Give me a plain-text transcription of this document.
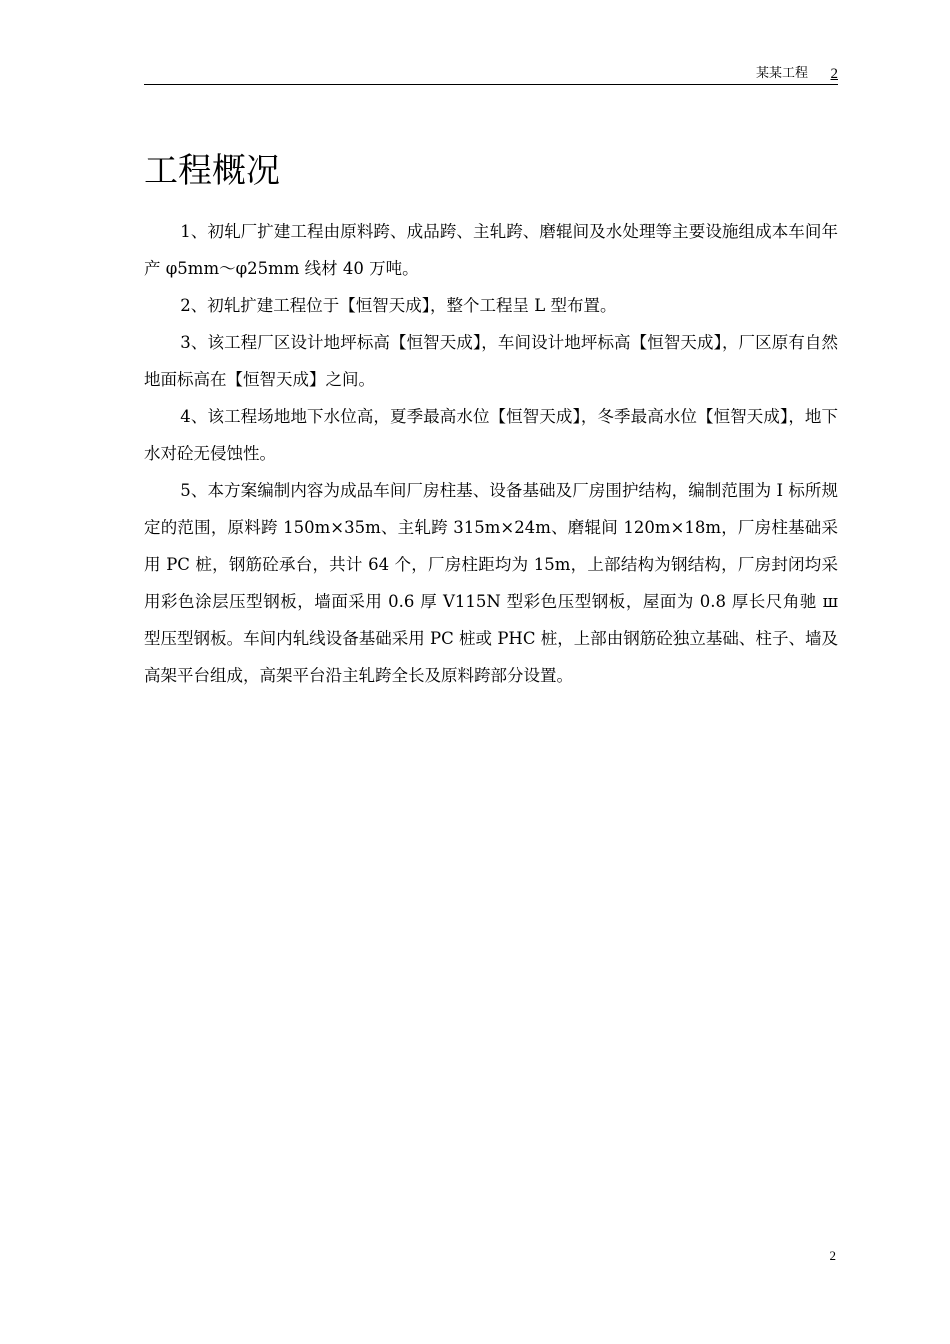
某某工程 2
工程概况

1、初轧厂扩建工程由原料跨、成品跨、主轧跨、磨辊间及水处理等主要设施组成本车间年产 φ5mm～φ25mm 线材 40 万吨。

2、初轧扩建工程位于【恒智天成】，整个工程呈 L 型布置。

3、该工程厂区设计地坪标高【恒智天成】，车间设计地坪标高【恒智天成】，厂区原有自然地面标高在【恒智天成】之间。

4、该工程场地地下水位高，夏季最高水位【恒智天成】，冬季最高水位【恒智天成】，地下水对砼无侵蚀性。

5、本方案编制内容为成品车间厂房柱基、设备基础及厂房围护结构，编制范围为 I 标所规定的范围，原料跨 150m×35m、主轧跨 315m×24m、磨辊间 120m×18m，厂房柱基础采用 PC 桩，钢筋砼承台，共计 64 个，厂房柱距均为 15m，上部结构为钢结构，厂房封闭均采用彩色涂层压型钢板，墙面采用 0.6 厚 V115N 型彩色压型钢板，屋面为 0.8 厚长尺角驰 ш 型压型钢板。车间内轧线设备基础采用 PC 桩或 PHC 桩，上部由钢筋砼独立基础、柱子、墙及高架平台组成，高架平台沿主轧跨全长及原料跨部分设置。

2
